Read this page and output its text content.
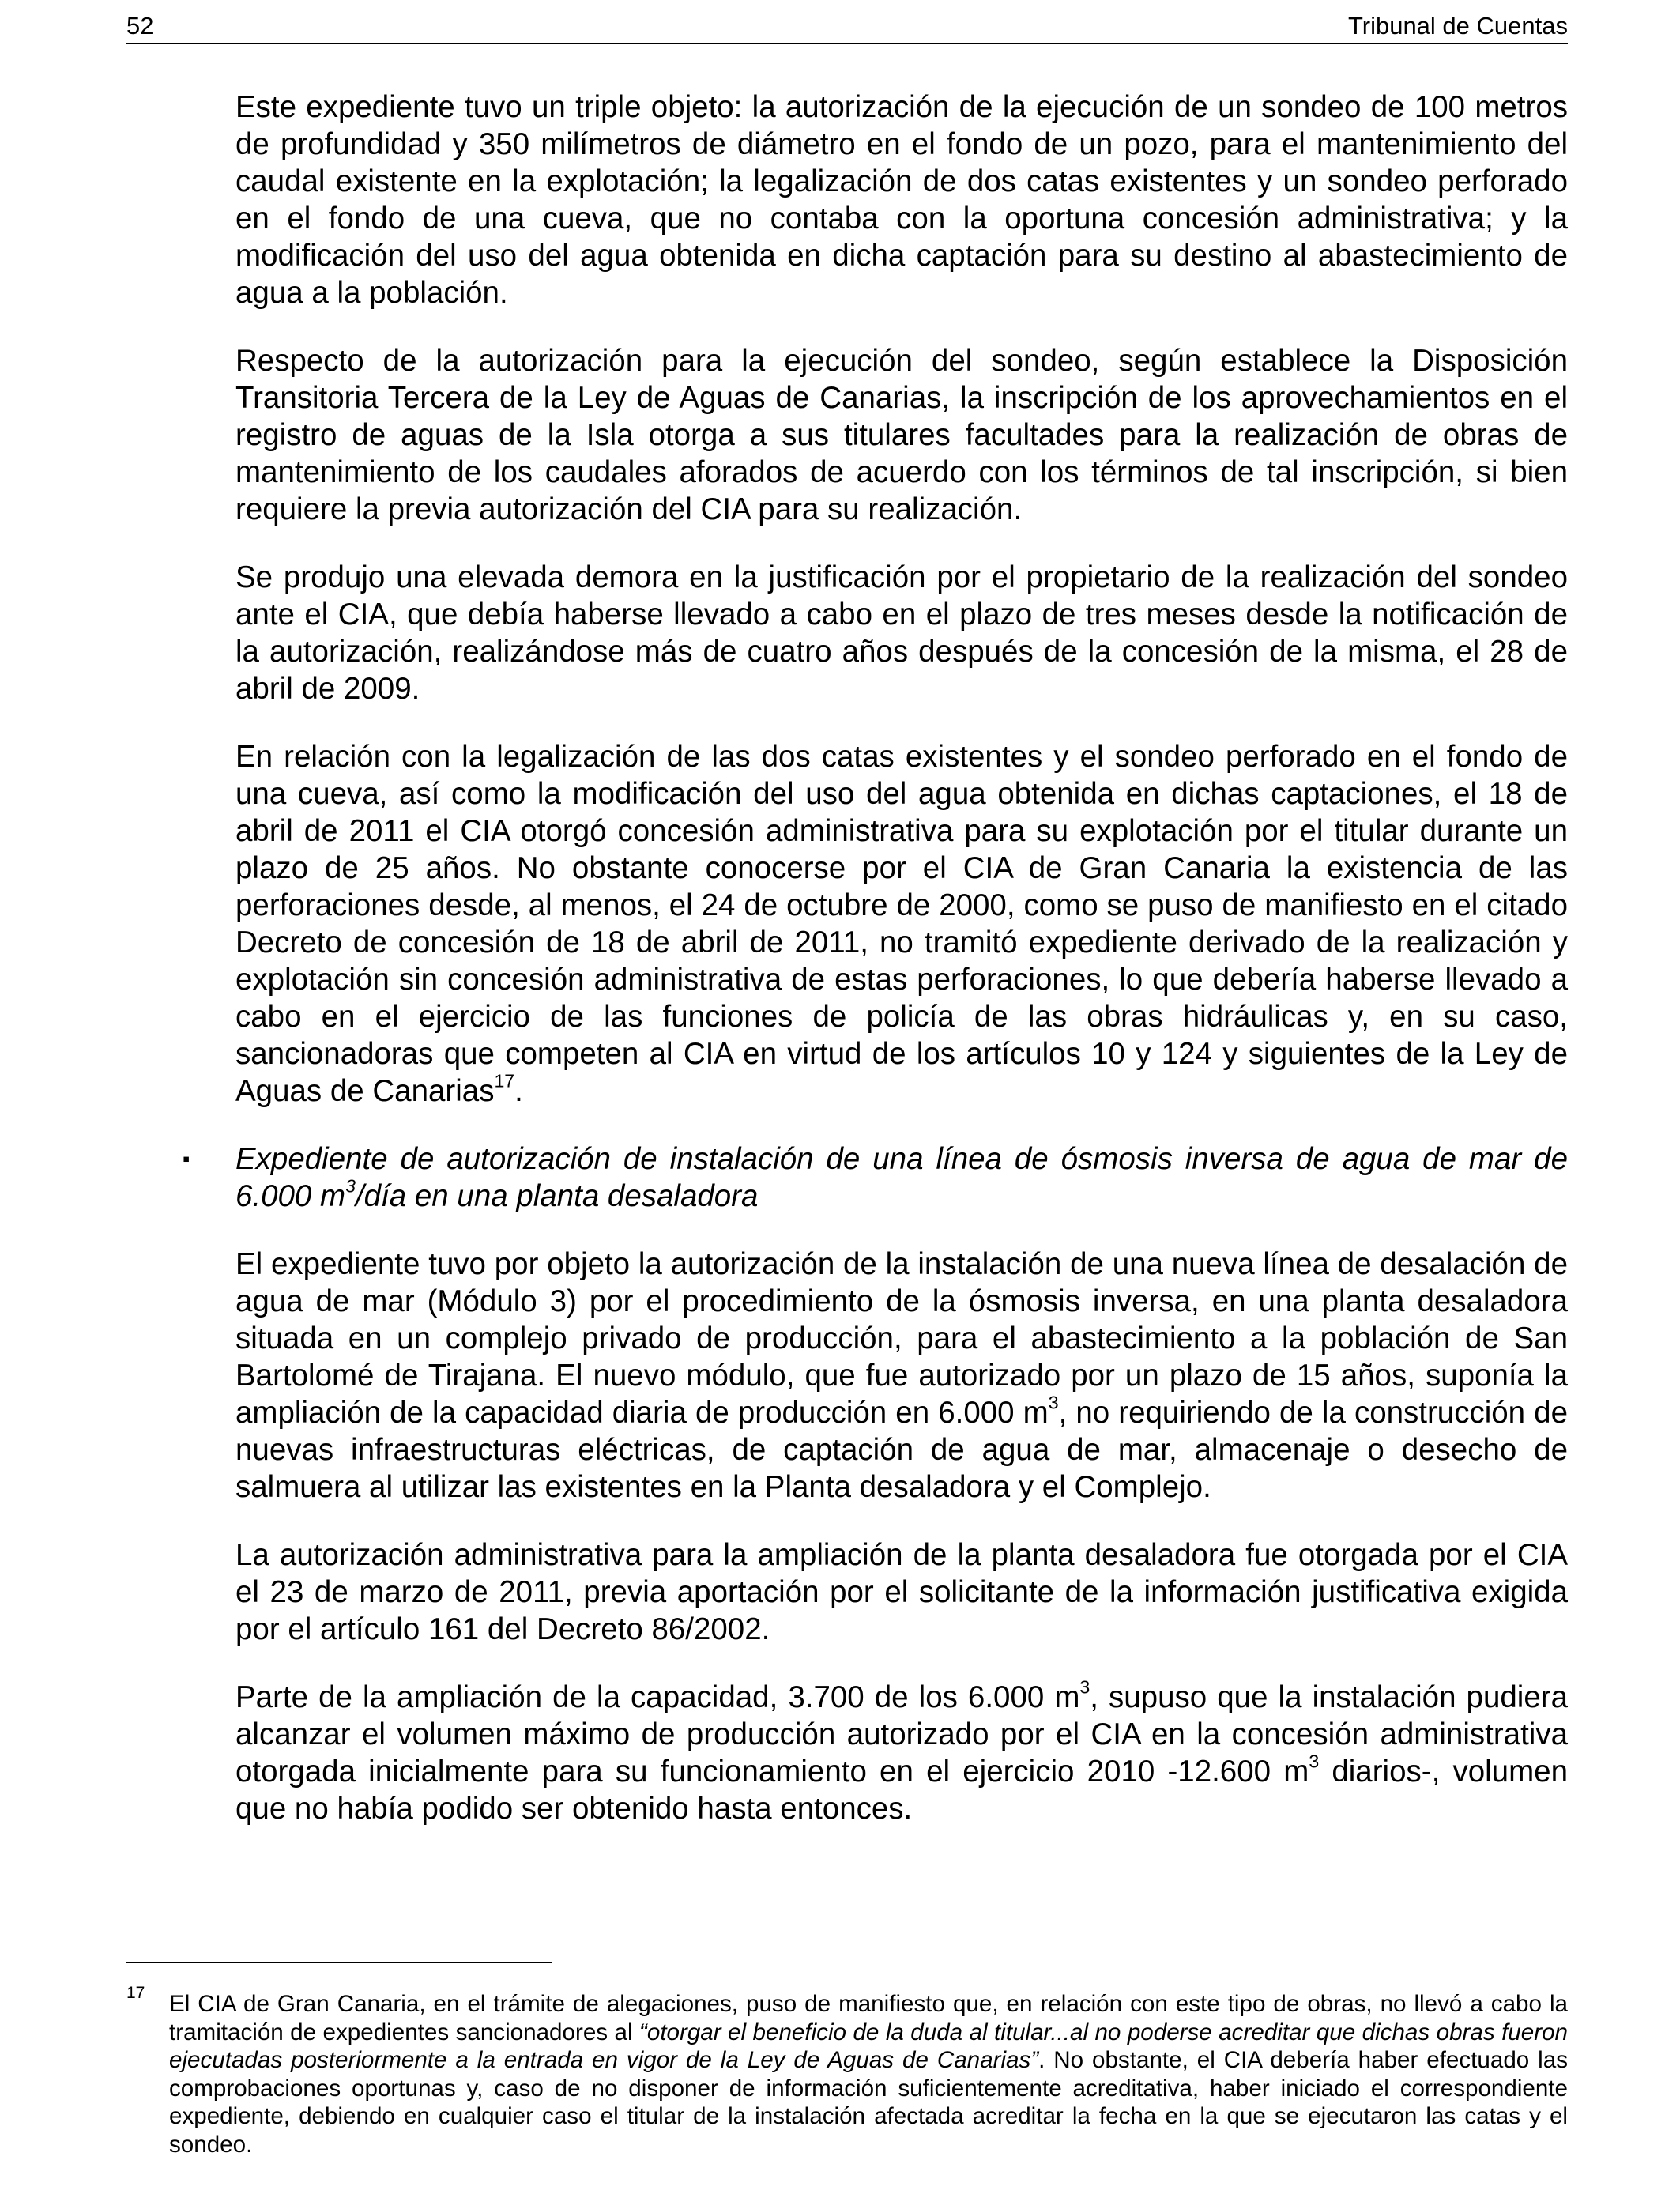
52	Tribunal de Cuentas

Este expediente tuvo un triple objeto: la autorización de la ejecución de un sondeo de 100 metros de profundidad y 350 milímetros de diámetro en el fondo de un pozo, para el mantenimiento del caudal existente en la explotación; la legalización de dos catas existentes y un sondeo perforado en el fondo de una cueva, que no contaba con la oportuna concesión administrativa; y la modificación del uso del agua obtenida en dicha captación para su destino al abastecimiento de agua a la población.

Respecto de la autorización para la ejecución del sondeo, según establece la Disposición Transitoria Tercera de la Ley de Aguas de Canarias, la inscripción de los aprovechamientos en el registro de aguas de la Isla otorga a sus titulares facultades para la realización de obras de mantenimiento de los caudales aforados de acuerdo con los términos de tal inscripción, si bien requiere la previa autorización del CIA para su realización.

Se produjo una elevada demora en la justificación por el propietario de la realización del sondeo ante el CIA, que debía haberse llevado a cabo en el plazo de tres meses desde la notificación de la autorización, realizándose más de cuatro años después de la concesión de la misma, el 28 de abril de 2009.

En relación con la legalización de las dos catas existentes y el sondeo perforado en el fondo de una cueva, así como la modificación del uso del agua obtenida en dichas captaciones, el 18 de abril de 2011 el CIA otorgó concesión administrativa para su explotación por el titular durante un plazo de 25 años. No obstante conocerse por el CIA de Gran Canaria la existencia de las perforaciones desde, al menos, el 24 de octubre de 2000, como se puso de manifiesto en el citado Decreto de concesión de 18 de abril de 2011, no tramitó expediente derivado de la realización y explotación sin concesión administrativa de estas perforaciones, lo que debería haberse llevado a cabo en el ejercicio de las funciones de policía de las obras hidráulicas y, en su caso, sancionadoras que competen al CIA en virtud de los artículos 10 y 124 y siguientes de la Ley de Aguas de Canarias$^{17}$.

▪ Expediente de autorización de instalación de una línea de ósmosis inversa de agua de mar de 6.000 $m^3$/día en una planta desaladora

El expediente tuvo por objeto la autorización de la instalación de una nueva línea de desalación de agua de mar (Módulo 3) por el procedimiento de la ósmosis inversa, en una planta desaladora situada en un complejo privado de producción, para el abastecimiento a la población de San Bartolomé de Tirajana. El nuevo módulo, que fue autorizado por un plazo de 15 años, suponía la ampliación de la capacidad diaria de producción en 6.000 $m^3$, no requiriendo de la construcción de nuevas infraestructuras eléctricas, de captación de agua de mar, almacenaje o desecho de salmuera al utilizar las existentes en la Planta desaladora y el Complejo.

La autorización administrativa para la ampliación de la planta desaladora fue otorgada por el CIA el 23 de marzo de 2011, previa aportación por el solicitante de la información justificativa exigida por el artículo 161 del Decreto 86/2002.

Parte de la ampliación de la capacidad, 3.700 de los 6.000 $m^3$, supuso que la instalación pudiera alcanzar el volumen máximo de producción autorizado por el CIA en la concesión administrativa otorgada inicialmente para su funcionamiento en el ejercicio 2010 -12.600 $m^3$ diarios-, volumen que no había podido ser obtenido hasta entonces.

17 El CIA de Gran Canaria, en el trámite de alegaciones, puso de manifiesto que, en relación con este tipo de obras, no llevó a cabo la tramitación de expedientes sancionadores al “otorgar el beneficio de la duda al titular...al no poderse acreditar que dichas obras fueron ejecutadas posteriormente a la entrada en vigor de la Ley de Aguas de Canarias”. No obstante, el CIA debería haber efectuado las comprobaciones oportunas y, caso de no disponer de información suficientemente acreditativa, haber iniciado el correspondiente expediente, debiendo en cualquier caso el titular de la instalación afectada acreditar la fecha en la que se ejecutaron las catas y el sondeo.
